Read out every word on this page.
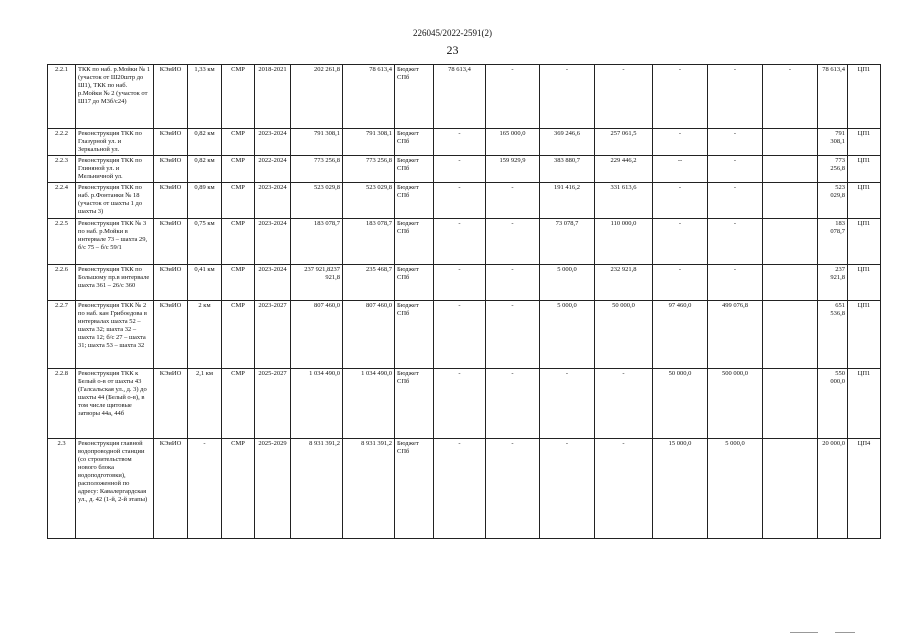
226045/2022-2591(2)
23
2.2.1	ТКК по наб. р.Мойки № 1 (участок от Ш20штр до Ш1), ТКК по наб. р.Мойки № 2 (участок от Ш17 до М3б/с24)	КЭиИО	1,33 км	СМР	2018-2021	202 261,8	78 613,4	Бюджет СПб	78 613,4	-	-	-	-	-	-	78 613,4	ЦП1
2.2.2	Реконструкция ТКК по Глазурной ул. и Зеркальной ул.	КЭиИО	0,82 км	СМР	2023-2024	791 308,1	791 308,1	Бюджет СПб	-	165 000,0	369 246,6	257 061,5	-	-		791 308,1	ЦП1
2.2.3	Реконструкция ТКК по Глиняной ул. и Мельничной ул.	КЭиИО	0,82 км	СМР	2022-2024	773 256,8	773 256,8	Бюджет СПб	-	159 929,9	383 880,7	229 446,2	--	-		773 256,8	ЦП1
2.2.4	Реконструкция ТКК по наб. р.Фонтанки № 18 (участок от шахты 1 до шахты 3)	КЭиИО	0,89 км	СМР	2023-2024	523 029,8	523 029,8	Бюджет СПб	-	-	191 416,2	331 613,6	-	-		523 029,8	ЦП1
2.2.5	Реконструкция ТКК № 3 по наб. р.Мойки в интервале 73 – шахта 29, б/с 75 – б/с 59/1	КЭиИО	0,75 км	СМР	2023-2024	183 078,7	183 078,7	Бюджет СПб	-	-	73 078,7	110 000,0	-	-		183 078,7	ЦП1
2.2.6	Реконструкция ТКК по Большому пр.в интервале шахта 361 – 26/с 360	КЭиИО	0,41 км	СМР	2023-2024	237 921,8237 921,8	235 468,7	Бюджет СПб	-	-	5 000,0	232 921,8	-	-		237 921,8	ЦП1
2.2.7	Реконструкция ТКК № 2 по наб. кан Грибоедова в интервалах шахта 52 – шахта 32; шахта 32 – шахта 12; б/с 27 – шахта 31; шахта 53 – шахта 32	КЭиИО	2 км	СМР	2023-2027	807 460,0	807 460,0	Бюджет СПб	-	-	5 000,0	50 000,0	97 460,0	499 076,8		651 536,8	ЦП1
2.2.8	Реконструкция ТКК к Белый о-в от шахты 43 (Галсальская ул., д. 3) до шахты 44 (Белый о-в), в том числе щитовые затворы 44а, 44б	КЭиИО	2,1 км	СМР	2025-2027	1 034 490,0	1 034 490,0	Бюджет СПб	-	-	-	-	50 000,0	500 000,0		550 000,0	ЦП1
2.3	Реконструкция главной водопроводной станции (со строительством нового блока водоподготовки), расположенной по адресу: Кавалергардская ул., д. 42 (1-й, 2-й этапы)	КЭиИО	-	СМР	2025-2029	8 931 391,2	8 931 391,2	Бюджет СПб	-	-	-	-	15 000,0	5 000,0		20 000,0	ЦП4
